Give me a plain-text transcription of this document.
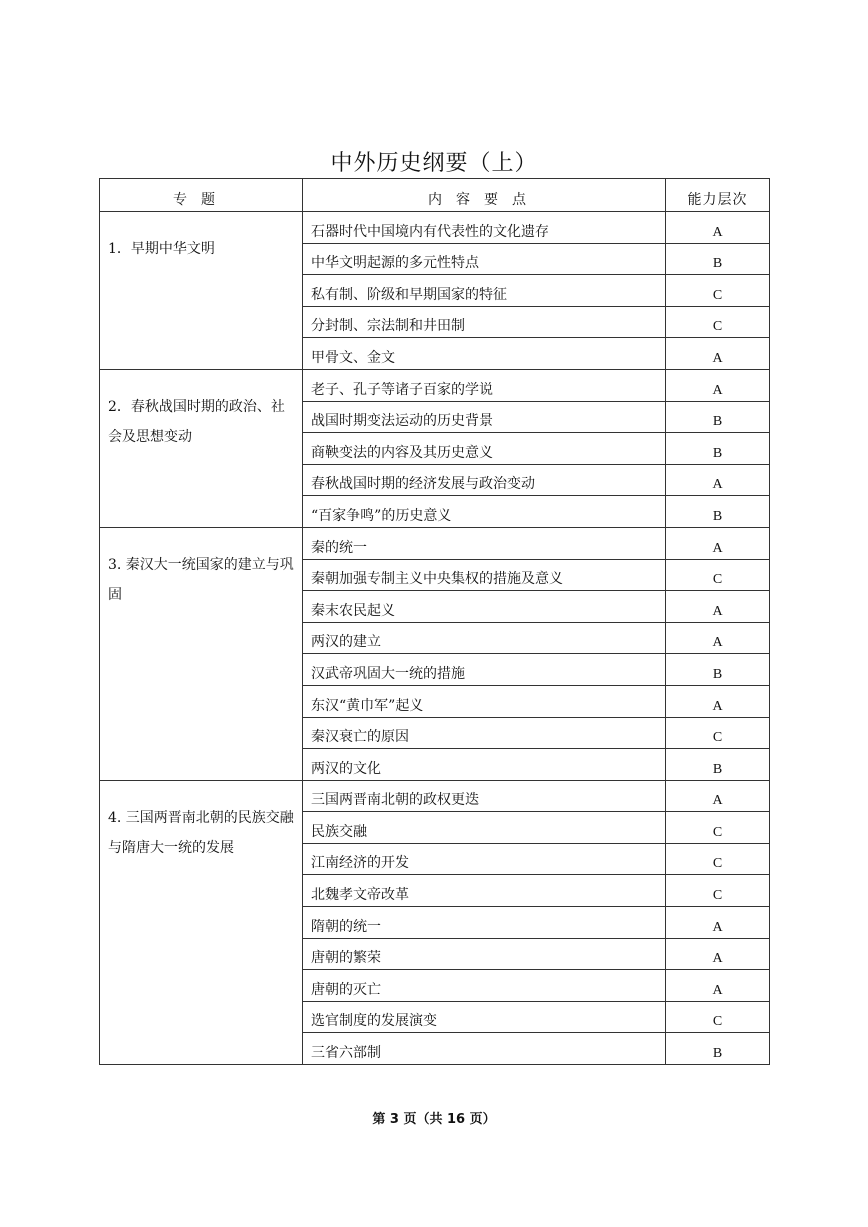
中外历史纲要（上）
专题	内容要点	能力层次
1．早期中华文明	石器时代中国境内有代表性的文化遗存	A
	中华文明起源的多元性特点	B
	私有制、阶级和早期国家的特征	C
	分封制、宗法制和井田制	C
	甲骨文、金文	A
2．春秋战国时期的政治、社会及思想变动	老子、孔子等诸子百家的学说	A
	战国时期变法运动的历史背景	B
	商鞅变法的内容及其历史意义	B
	春秋战国时期的经济发展与政治变动	A
	“百家争鸣”的历史意义	B
3. 秦汉大一统国家的建立与巩固	秦的统一	A
	秦朝加强专制主义中央集权的措施及意义	C
	秦末农民起义	A
	两汉的建立	A
	汉武帝巩固大一统的措施	B
	东汉“黄巾军”起义	A
	秦汉衰亡的原因	C
	两汉的文化	B
4. 三国两晋南北朝的民族交融与隋唐大一统的发展	三国两晋南北朝的政权更迭	A
	民族交融	C
	江南经济的开发	C
	北魏孝文帝改革	C
	隋朝的统一	A
	唐朝的繁荣	A
	唐朝的灭亡	A
	选官制度的发展演变	C
	三省六部制	B
第 3 页（共 16 页）
